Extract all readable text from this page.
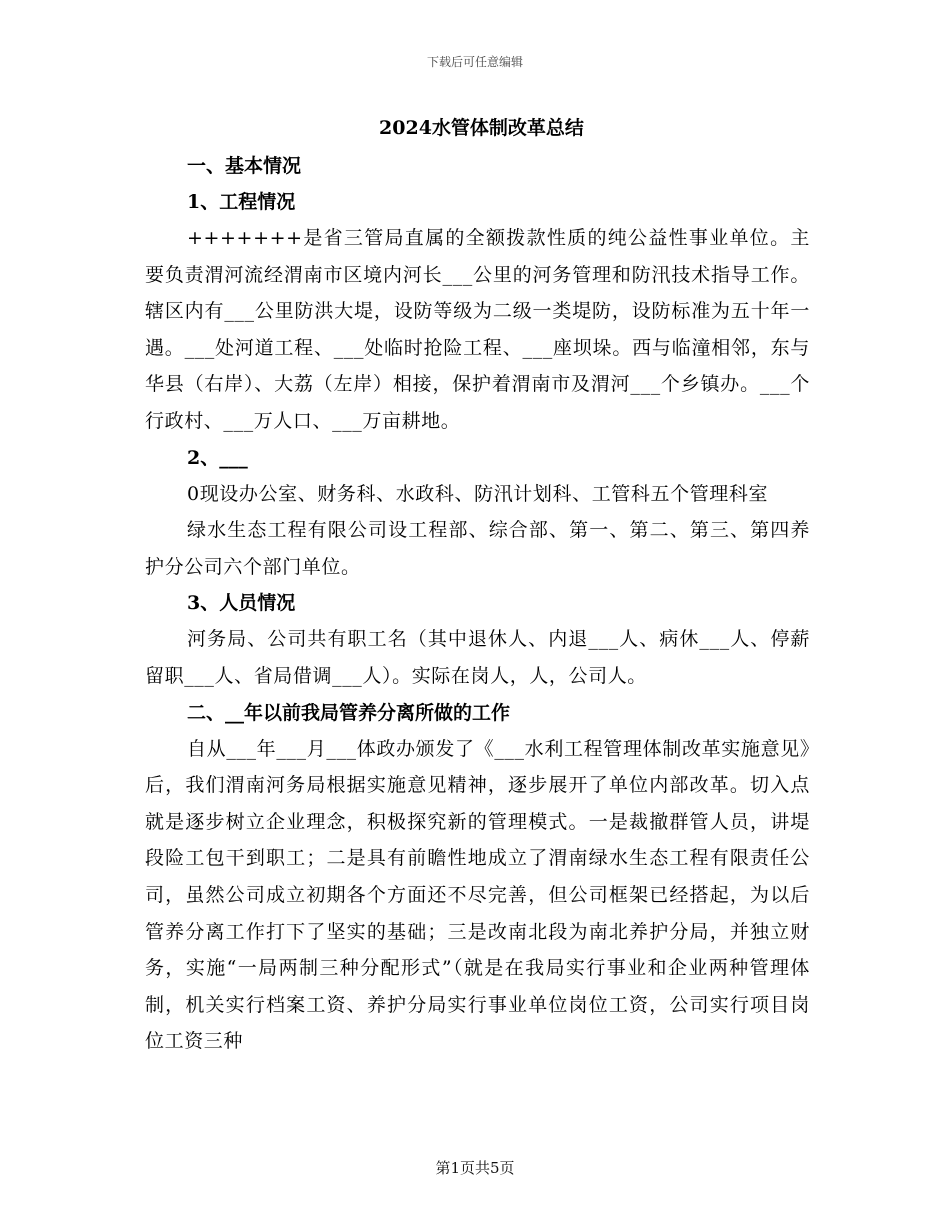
下载后可任意编辑
2024水管体制改革总结
一、基本情况
1、工程情况
+++++++是省三管局直属的全额拨款性质的纯公益性事业单位。主要负责渭河流经渭南市区境内河长___公里的河务管理和防汛技术指导工作。辖区内有___公里防洪大堤，设防等级为二级一类堤防，设防标准为五十年一遇。___处河道工程、___处临时抢险工程、___座坝垛。西与临潼相邻，东与华县（右岸）、大荔（左岸）相接，保护着渭南市及渭河___个乡镇办。___个行政村、___万人口、___万亩耕地。
2、___
0现设办公室、财务科、水政科、防汛计划科、工管科五个管理科室
绿水生态工程有限公司设工程部、综合部、第一、第二、第三、第四养护分公司六个部门单位。
3、人员情况
河务局、公司共有职工名（其中退休人、内退___人、病休___人、停薪留职___人、省局借调___人）。实际在岗人，人，公司人。
二、__年以前我局管养分离所做的工作
自从___年___月___体政办颁发了《___水利工程管理体制改革实施意见》后，我们渭南河务局根据实施意见精神，逐步展开了单位内部改革。切入点就是逐步树立企业理念，积极探究新的管理模式。一是裁撤群管人员，讲堤段险工包干到职工；二是具有前瞻性地成立了渭南绿水生态工程有限责任公司，虽然公司成立初期各个方面还不尽完善，但公司框架已经搭起，为以后管养分离工作打下了坚实的基础；三是改南北段为南北养护分局，并独立财务，实施“一局两制三种分配形式”（就是在我局实行事业和企业两种管理体制，机关实行档案工资、养护分局实行事业单位岗位工资，公司实行项目岗位工资三种
第1页共5页
